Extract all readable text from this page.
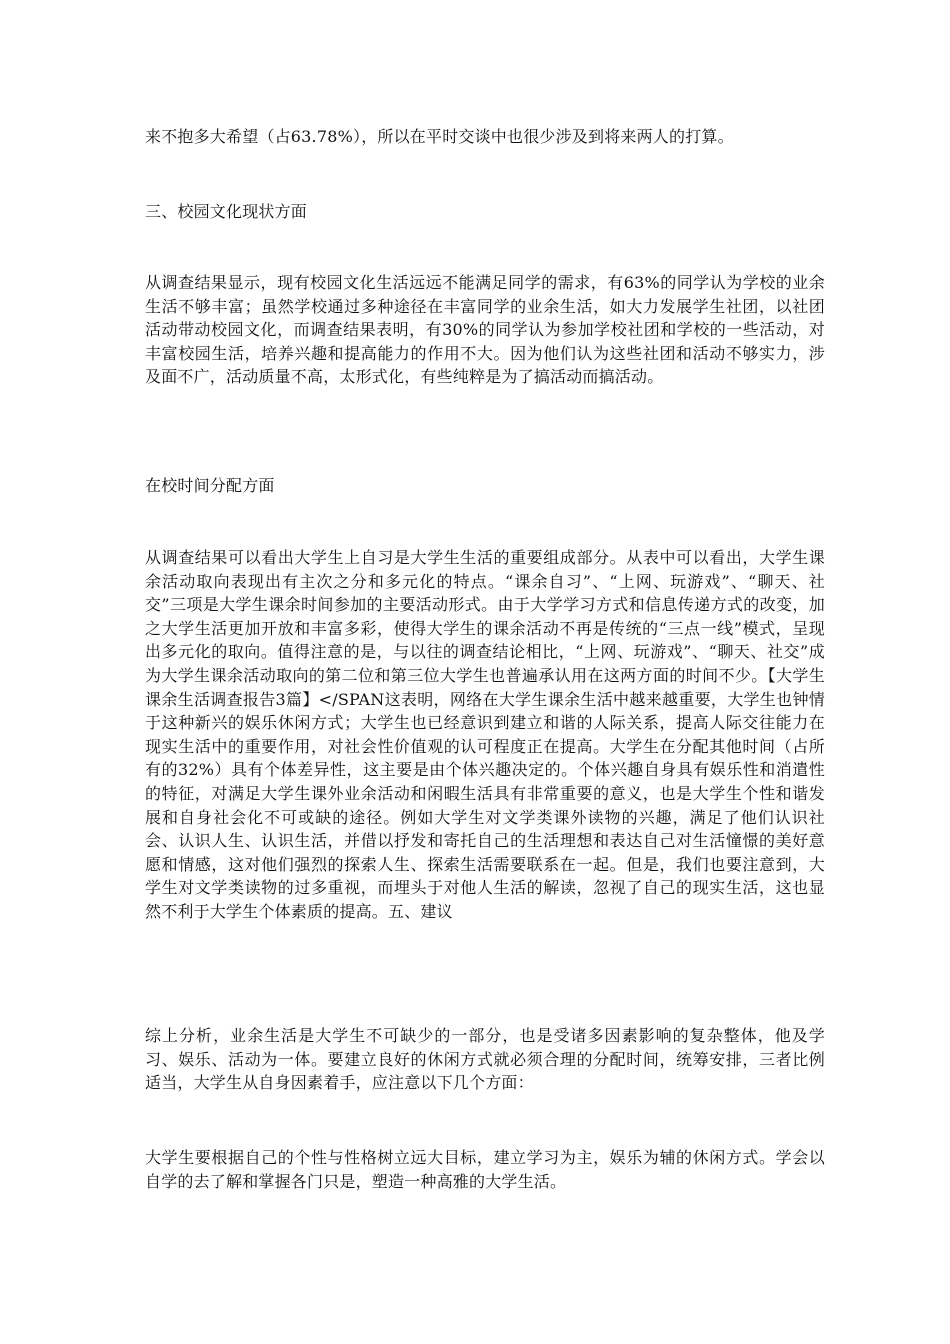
来不抱多大希望（占63.78%），所以在平时交谈中也很少涉及到将来两人的打算。

三、校园文化现状方面

从调查结果显示，现有校园文化生活远远不能满足同学的需求，有63%的同学认为学校的业余生活不够丰富；虽然学校通过多种途径在丰富同学的业余生活，如大力发展学生社团，以社团活动带动校园文化，而调查结果表明，有30%的同学认为参加学校社团和学校的一些活动，对丰富校园生活，培养兴趣和提高能力的作用不大。因为他们认为这些社团和活动不够实力，涉及面不广，活动质量不高，太形式化，有些纯粹是为了搞活动而搞活动。

在校时间分配方面

从调查结果可以看出大学生上自习是大学生生活的重要组成部分。从表中可以看出，大学生课余活动取向表现出有主次之分和多元化的特点。“课余自习”、“上网、玩游戏”、“聊天、社交”三项是大学生课余时间参加的主要活动形式。由于大学学习方式和信息传递方式的改变，加之大学生活更加开放和丰富多彩，使得大学生的课余活动不再是传统的“三点一线”模式，呈现出多元化的取向。值得注意的是，与以往的调查结论相比，“上网、玩游戏”、“聊天、社交”成为大学生课余活动取向的第二位和第三位大学生也普遍承认用在这两方面的时间不少。【大学生课余生活调查报告3篇】</SPAN这表明，网络在大学生课余生活中越来越重要，大学生也钟情于这种新兴的娱乐休闲方式；大学生也已经意识到建立和谐的人际关系，提高人际交往能力在现实生活中的重要作用，对社会性价值观的认可程度正在提高。大学生在分配其他时间（占所有的32%）具有个体差异性，这主要是由个体兴趣决定的。个体兴趣自身具有娱乐性和消遣性的特征，对满足大学生课外业余活动和闲暇生活具有非常重要的意义，也是大学生个性和谐发展和自身社会化不可或缺的途径。例如大学生对文学类课外读物的兴趣，满足了他们认识社会、认识人生、认识生活，并借以抒发和寄托自己的生活理想和表达自己对生活憧憬的美好意愿和情感，这对他们强烈的探索人生、探索生活需要联系在一起。但是，我们也要注意到，大学生对文学类读物的过多重视，而埋头于对他人生活的解读，忽视了自己的现实生活，这也显然不利于大学生个体素质的提高。五、建议

综上分析，业余生活是大学生不可缺少的一部分，也是受诸多因素影响的复杂整体，他及学习、娱乐、活动为一体。要建立良好的休闲方式就必须合理的分配时间，统筹安排，三者比例适当，大学生从自身因素着手，应注意以下几个方面：

大学生要根据自己的个性与性格树立远大目标，建立学习为主，娱乐为辅的休闲方式。学会以自学的去了解和掌握各门只是，塑造一种高雅的大学生活。
